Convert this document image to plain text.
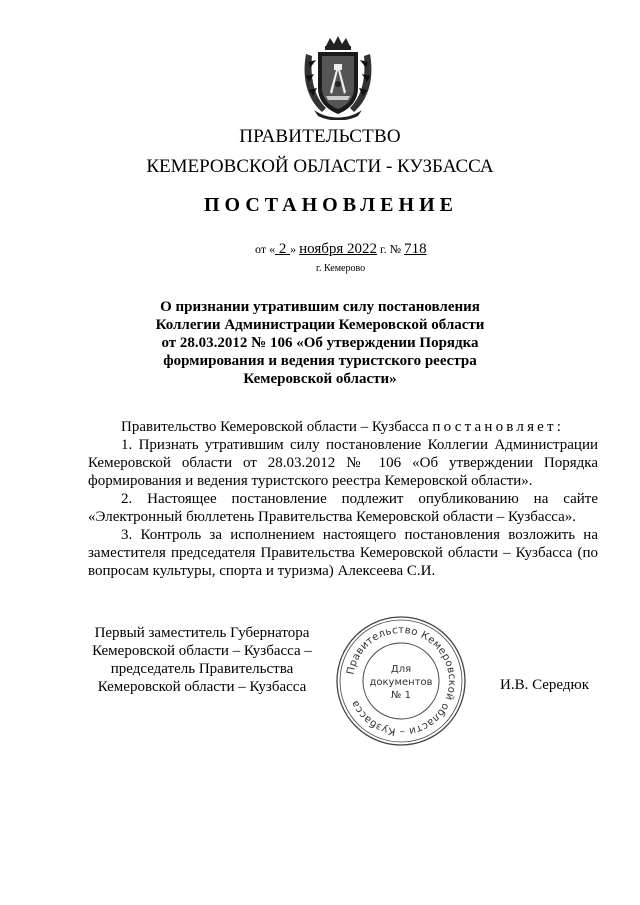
ПРАВИТЕЛЬСТВО
КЕМЕРОВСКОЙ ОБЛАСТИ - КУЗБАССА
ПОСТАНОВЛЕНИЕ
от « 2 » ноября 2022 г. № 718
г. Кемерово
О признании утратившим силу постановления
Коллегии Администрации Кемеровской области
от 28.03.2012 № 106 «Об утверждении Порядка
формирования и ведения туристского реестра
Кемеровской области»

Правительство Кемеровской области – Кузбасса постановляет:

1. Признать утратившим силу постановление Коллегии Администрации Кемеровской области от 28.03.2012 № 106 «Об утверждении Порядка формирования и ведения туристского реестра Кемеровской области».

2. Настоящее постановление подлежит опубликованию на сайте «Электронный бюллетень Правительства Кемеровской области – Кузбасса».

3. Контроль за исполнением настоящего постановления возложить на заместителя председателя Правительства Кемеровской области – Кузбасса (по вопросам культуры, спорта и туризма) Алексеева С.И.

Первый заместитель Губернатора
Кемеровской области – Кузбасса –
председатель Правительства
Кемеровской области – Кузбасса
Правительство Кемеровской области – Кузбасса
Для
документов
№ 1
И.В. Середюк
